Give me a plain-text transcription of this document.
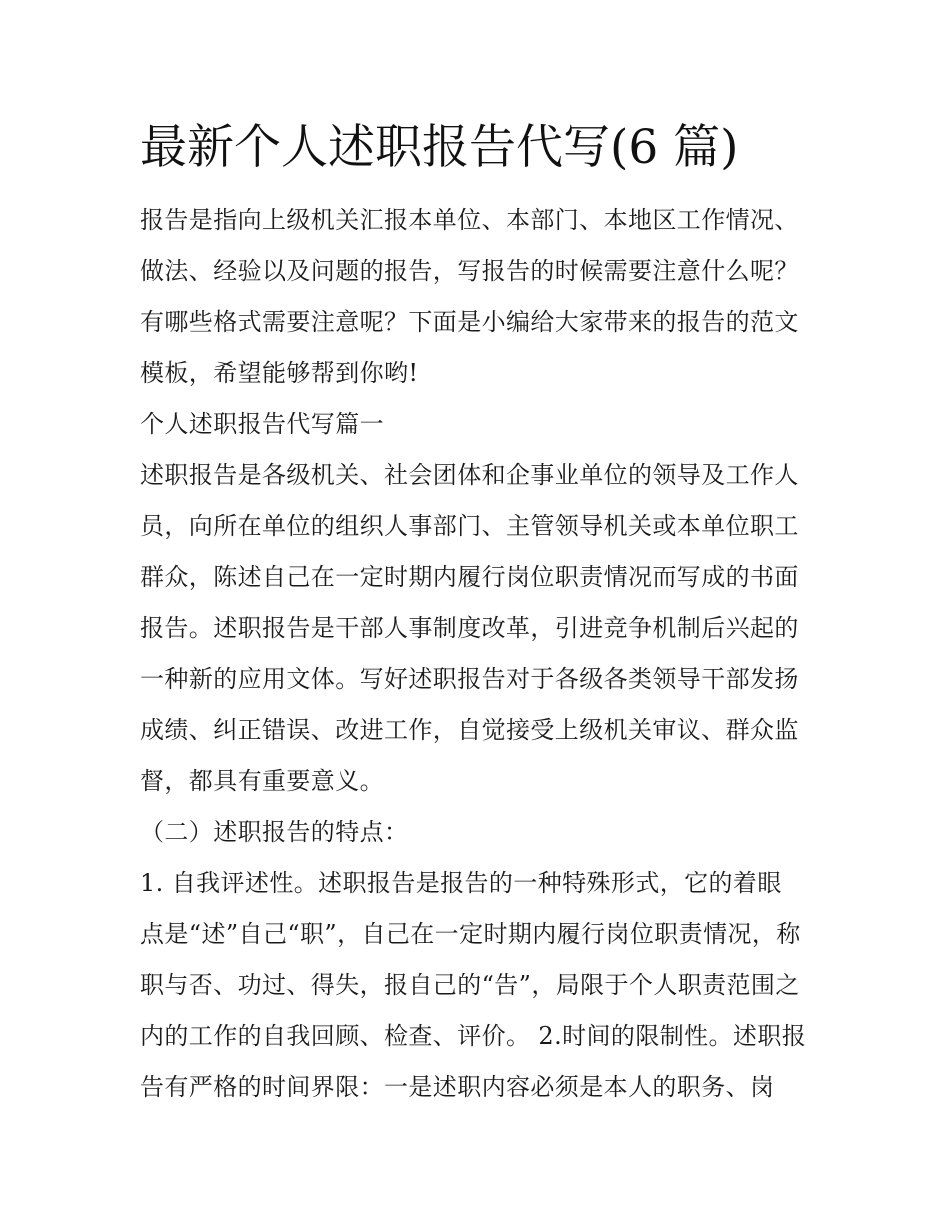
最新个人述职报告代写(6 篇)
报告是指向上级机关汇报本单位、本部门、本地区工作情况、
做法、经验以及问题的报告，写报告的时候需要注意什么呢？
有哪些格式需要注意呢？下面是小编给大家带来的报告的范文
模板，希望能够帮到你哟!
个人述职报告代写篇一
述职报告是各级机关、社会团体和企事业单位的领导及工作人
员，向所在单位的组织人事部门、主管领导机关或本单位职工
群众，陈述自己在一定时期内履行岗位职责情况而写成的书面
报告。述职报告是干部人事制度改革，引进竞争机制后兴起的
一种新的应用文体。写好述职报告对于各级各类领导干部发扬
成绩、纠正错误、改进工作，自觉接受上级机关审议、群众监
督，都具有重要意义。
（二）述职报告的特点：
1. 自我评述性。述职报告是报告的一种特殊形式，它的着眼
点是“述”自己“职”，自己在一定时期内履行岗位职责情况，称
职与否、功过、得失，报自己的“告”，局限于个人职责范围之
内的工作的自我回顾、检查、评价。 2.时间的限制性。述职报
告有严格的时间界限：一是述职内容必须是本人的职务、岗
